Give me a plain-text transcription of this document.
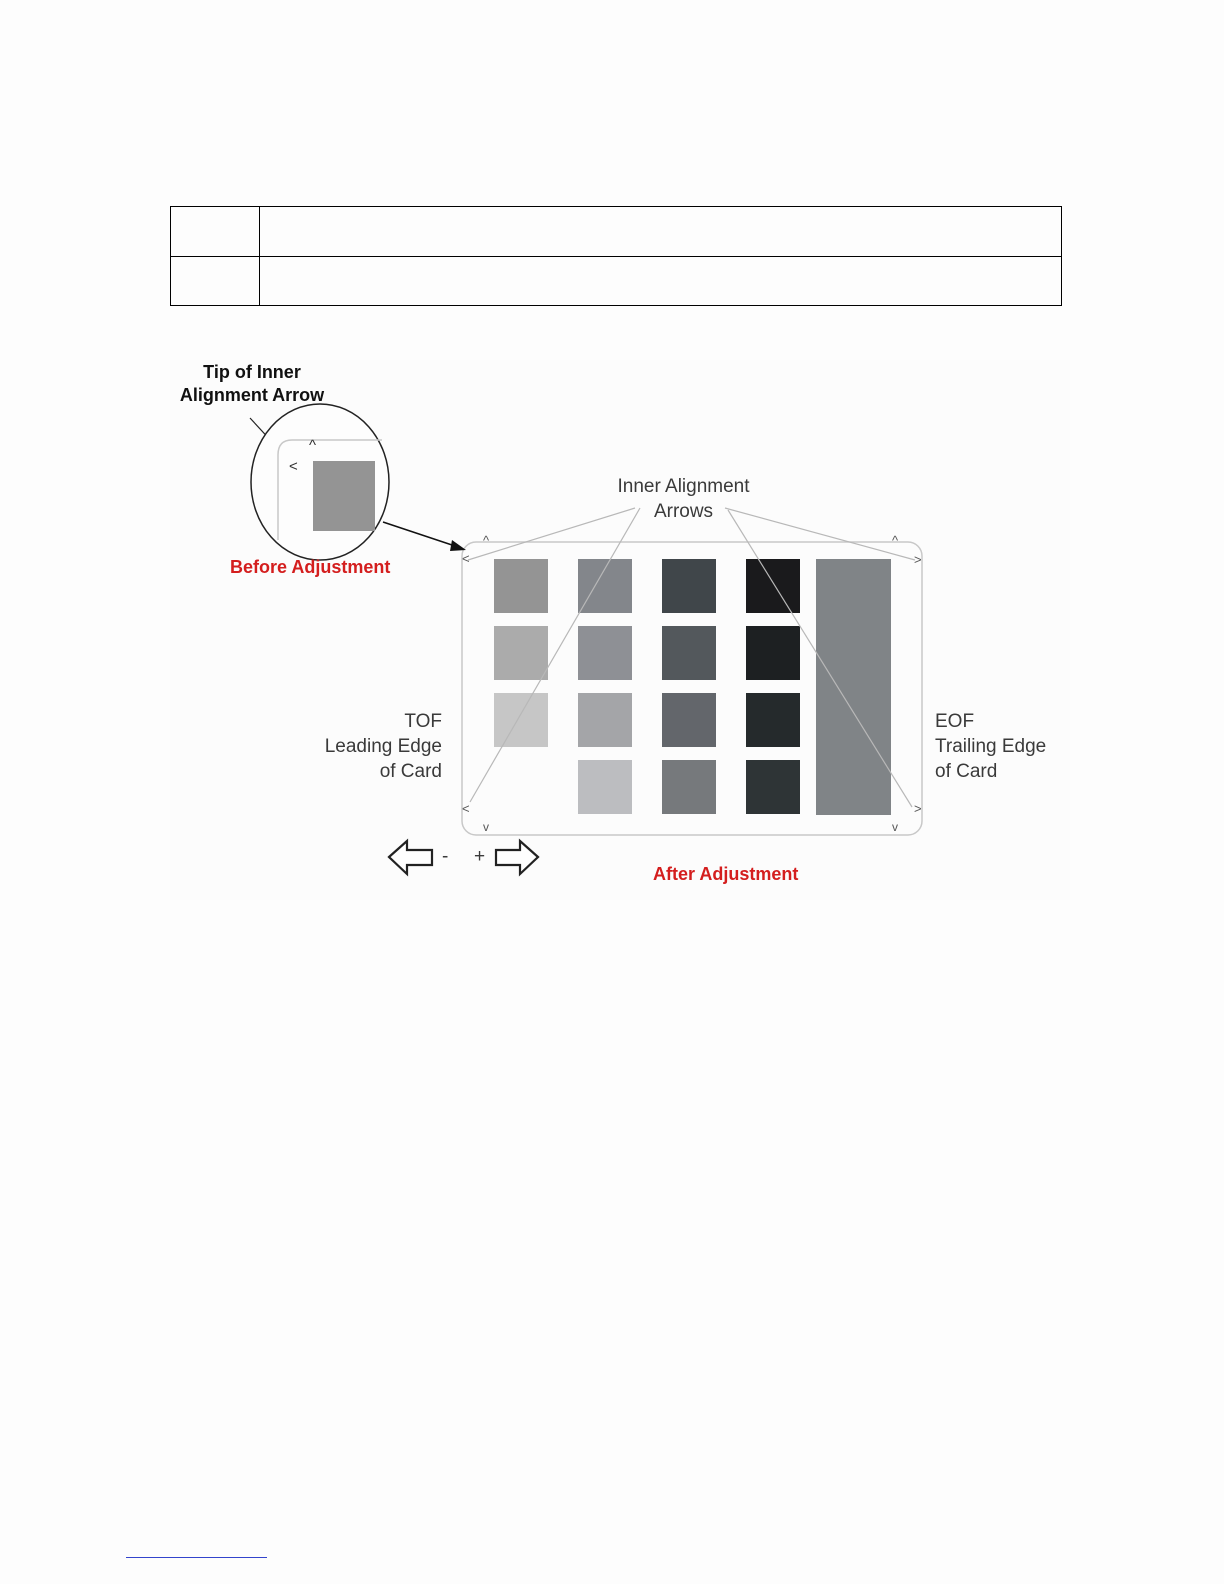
^
<
^
>
<
v
>
v
^
<
Tip of Inner
Alignment Arrow
Before Adjustment
Inner Alignment
Arrows
TOF
Leading Edge
of Card
EOF
Trailing Edge
of Card
- +
After Adjustment
